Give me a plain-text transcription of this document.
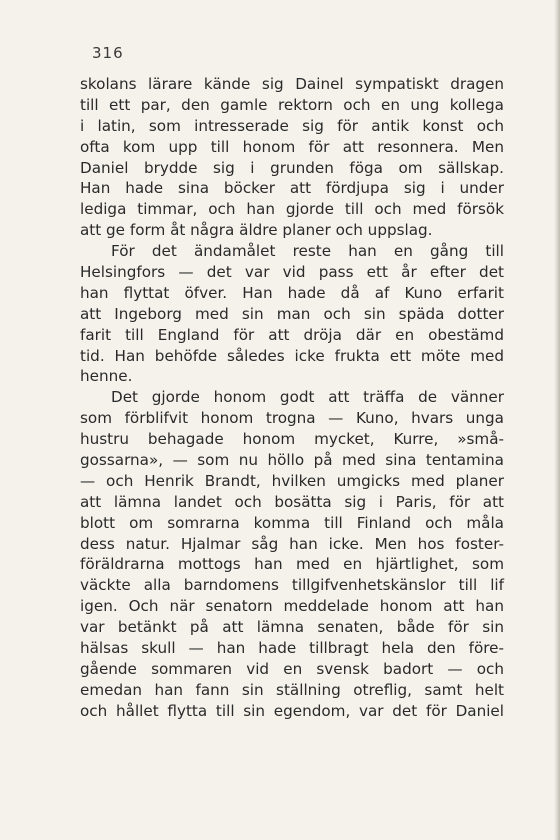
316
skolans lärare kände sig Dainel sympatiskt dragen
till ett par, den gamle rektorn och en ung kollega
i latin, som intresserade sig för antik konst och
ofta kom upp till honom för att resonnera. Men
Daniel brydde sig i grunden föga om sällskap.
Han hade sina böcker att fördjupa sig i under
lediga timmar, och han gjorde till och med försök
att ge form åt några äldre planer och uppslag.
För det ändamålet reste han en gång till
Helsingfors — det var vid pass ett år efter det
han flyttat öfver. Han hade då af Kuno erfarit
att Ingeborg med sin man och sin späda dotter
farit till England för att dröja där en obestämd
tid. Han behöfde således icke frukta ett möte med
henne.
Det gjorde honom godt att träffa de vänner
som förblifvit honom trogna — Kuno, hvars unga
hustru behagade honom mycket, Kurre, »små-
gossarna», — som nu höllo på med sina tentamina
— och Henrik Brandt, hvilken umgicks med planer
att lämna landet och bosätta sig i Paris, för att
blott om somrarna komma till Finland och måla
dess natur. Hjalmar såg han icke. Men hos foster-
föräldrarna mottogs han med en hjärtlighet, som
väckte alla barndomens tillgifvenhetskänslor till lif
igen. Och när senatorn meddelade honom att han
var betänkt på att lämna senaten, både för sin
hälsas skull — han hade tillbragt hela den före-
gående sommaren vid en svensk badort — och
emedan han fann sin ställning otreflig, samt helt
och hållet flytta till sin egendom, var det för Daniel
